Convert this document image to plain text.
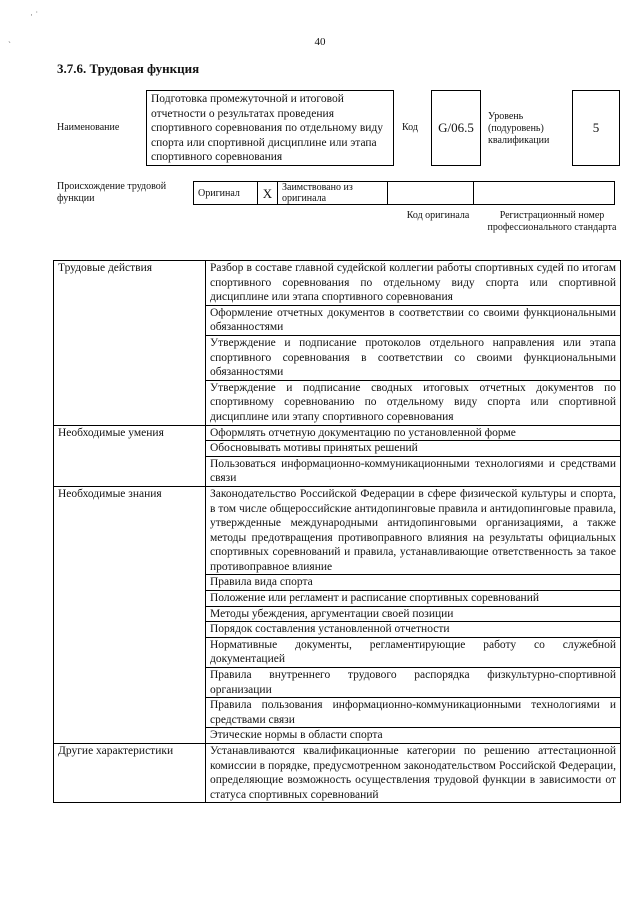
· ˙
`	40
3.7.6. Трудовая функция
Наименование
Подготовка промежуточной и итоговой отчетности о результатах проведения спортивного соревнования по отдельному виду спорта или спортивной дисциплине или этапа спортивного соревнования
Код G/06.5
Уровень (подуровень) квалификации
5
Происхождение трудовой функции	Оригинал	X	Заимствовано из оригинала		
Код оригинала	Регистрационный номер профессионального стандарта
Трудовые действия	Разбор в составе главной судейской коллегии работы спортивных судей по итогам спортивного соревнования по отдельному виду спорта или спортивной дисциплине или этапа спортивного соревнования
	Оформление отчетных документов в соответствии со своими функциональными обязанностями
	Утверждение и подписание протоколов отдельного направления или этапа спортивного соревнования в соответствии со своими функциональными обязанностями
	Утверждение и подписание сводных итоговых отчетных документов по спортивному соревнованию по отдельному виду спорта или спортивной дисциплине или этапу спортивного соревнования
Необходимые умения	Оформлять отчетную документацию по установленной форме
	Обосновывать мотивы принятых решений
	Пользоваться информационно-коммуникационными технологиями и средствами связи
Необходимые знания	Законодательство Российской Федерации в сфере физической культуры и спорта, в том числе общероссийские антидопинговые правила и антидопинговые правила, утвержденные международными антидопинговыми организациями, а также методы предотвращения противоправного влияния на результаты официальных спортивных соревнований и правила, устанавливающие ответственность за такое противоправное влияние
	Правила вида спорта
	Положение или регламент и расписание спортивных соревнований
	Методы убеждения, аргументации своей позиции
	Порядок составления установленной отчетности
	Нормативные документы, регламентирующие работу со служебной документацией
	Правила внутреннего трудового распорядка физкультурно-спортивной организации
	Правила пользования информационно-коммуникационными технологиями и средствами связи
	Этические нормы в области спорта
Другие характеристики	Устанавливаются квалификационные категории по решению аттестационной комиссии в порядке, предусмотренном законодательством Российской Федерации, определяющие возможность осуществления трудовой функции в зависимости от статуса спортивных соревнований
